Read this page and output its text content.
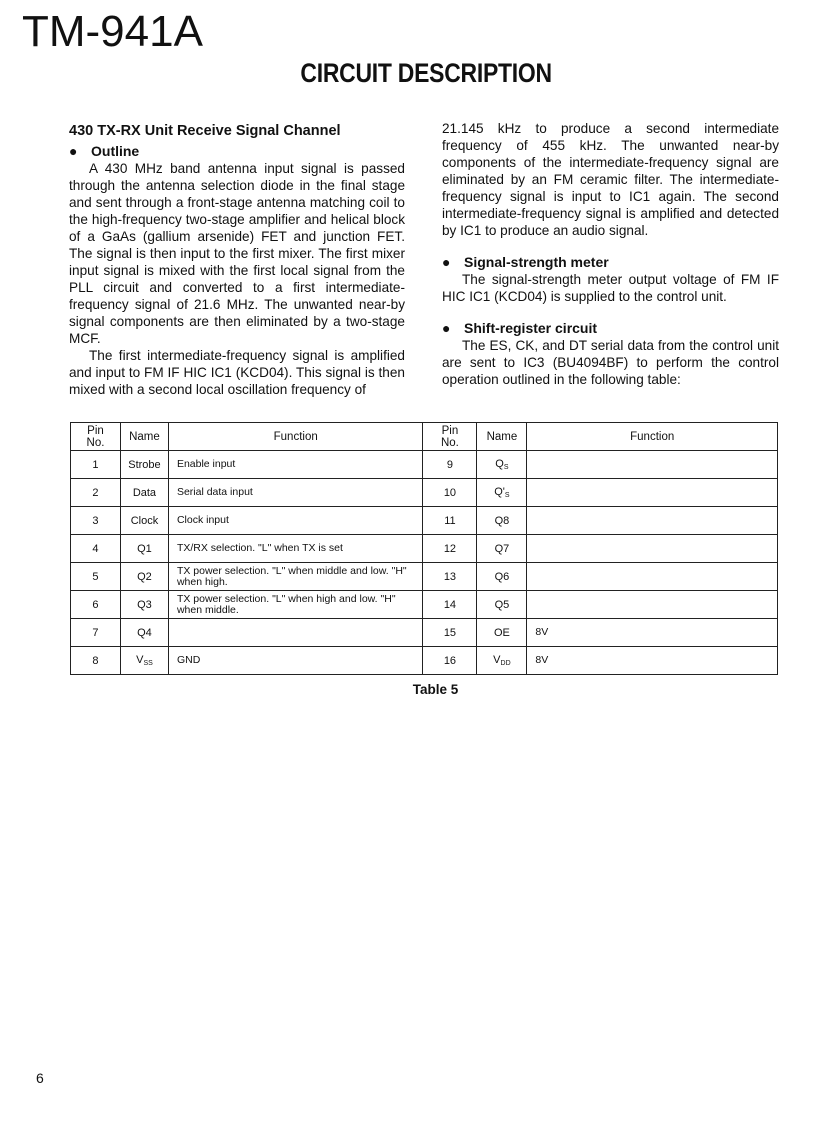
TM-941A
CIRCUIT DESCRIPTION
430 TX-RX Unit Receive Signal Channel
● Outline

A 430 MHz band antenna input signal is passed through the antenna selection diode in the final stage and sent through a front-stage antenna matching coil to the high-frequency two-stage amplifier and helical block of a GaAs (gallium arsenide) FET and junction FET. The signal is then input to the first mixer. The first mixer input signal is mixed with the first local signal from the PLL circuit and converted to a first intermediate-frequency signal of 21.6 MHz. The unwanted near-by signal components are then eliminated by a two-stage MCF.

The first intermediate-frequency signal is amplified and input to FM IF HIC IC1 (KCD04). This signal is then mixed with a second local oscillation frequency of

21.145 kHz to produce a second intermediate frequency of 455 kHz. The unwanted near-by components of the intermediate-frequency signal are eliminated by an FM ceramic filter. The intermediate-frequency signal is input to IC1 again. The second intermediate-frequency signal is amplified and detected by IC1 to produce an audio signal.

● Signal-strength meter

The signal-strength meter output voltage of FM IF HIC IC1 (KCD04) is supplied to the control unit.

● Shift-register circuit

The ES, CK, and DT serial data from the control unit are sent to IC3 (BU4094BF) to perform the control operation outlined in the following table:

Pin No.	Name	Function	Pin No.	Name	Function
1	Strobe	Enable input	9	$Q_S$	
2	Data	Serial data input	10	$Q'_S$	
3	Clock	Clock input	11	Q8	
4	Q1	TX/RX selection. "L" when TX is set	12	Q7	
5	Q2	TX power selection. "L" when middle and low. "H" when high.	13	Q6	
6	Q3	TX power selection. "L" when high and low. "H" when middle.	14	Q5	
7	Q4		15	OE	8V
8	$V_{SS}$	GND	16	$V_{DD}$	8V
Table 5
6
